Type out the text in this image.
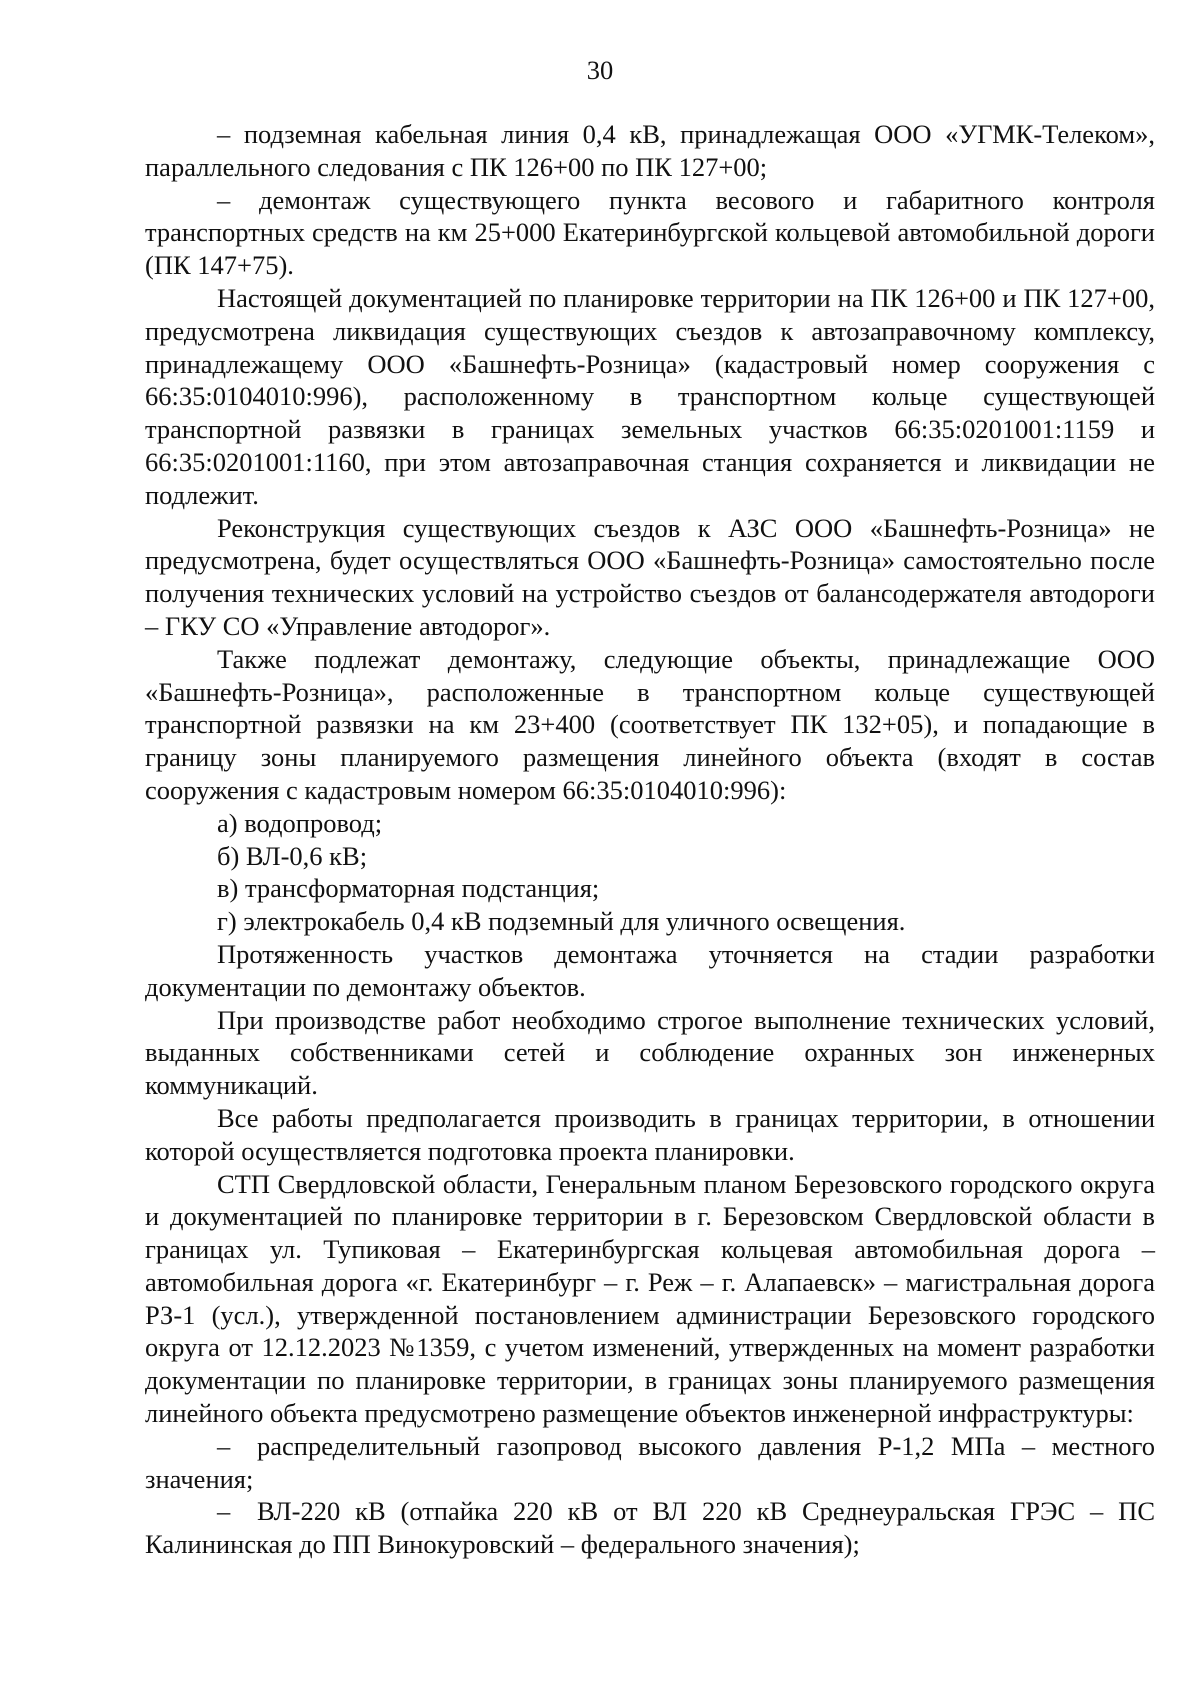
30

– подземная кабельная линия 0,4 кВ, принадлежащая ООО «УГМК-Телеком», параллельного следования с ПК 126+00 по ПК 127+00;

– демонтаж существующего пункта весового и габаритного контроля транспортных средств на км 25+000 Екатеринбургской кольцевой автомобильной дороги (ПК 147+75).

Настоящей документацией по планировке территории на ПК 126+00 и ПК 127+00, предусмотрена ликвидация существующих съездов к автозаправочному комплексу, принадлежащему ООО «Башнефть-Розница» (кадастровый номер сооружения с 66:35:0104010:996), расположенному в транспортном кольце существующей транспортной развязки в границах земельных участков 66:35:0201001:1159 и 66:35:0201001:1160, при этом автозаправочная станция сохраняется и ликвидации не подлежит.

Реконструкция существующих съездов к АЗС ООО «Башнефть-Розница» не предусмотрена, будет осуществляться ООО «Башнефть-Розница» самостоятельно после получения технических условий на устройство съездов от балансодержателя автодороги – ГКУ СО «Управление автодорог».

Также подлежат демонтажу, следующие объекты, принадлежащие ООО «Башнефть-Розница», расположенные в транспортном кольце существующей транспортной развязки на км 23+400 (соответствует ПК 132+05), и попадающие в границу зоны планируемого размещения линейного объекта (входят в состав сооружения с кадастровым номером 66:35:0104010:996):

а) водопровод;

б) ВЛ-0,6 кВ;

в) трансформаторная подстанция;

г) электрокабель 0,4 кВ подземный для уличного освещения.

Протяженность участков демонтажа уточняется на стадии разработки документации по демонтажу объектов.

При производстве работ необходимо строгое выполнение технических условий, выданных собственниками сетей и соблюдение охранных зон инженерных коммуникаций.

Все работы предполагается производить в границах территории, в отношении которой осуществляется подготовка проекта планировки.

СТП Свердловской области, Генеральным планом Березовского городского округа и документацией по планировке территории в г. Березовском Свердловской области в границах ул. Тупиковая – Екатеринбургская кольцевая автомобильная дорога – автомобильная дорога «г. Екатеринбург – г. Реж – г. Алапаевск» – магистральная дорога РЗ-1 (усл.), утвержденной постановлением администрации Березовского городского округа от 12.12.2023 №1359, с учетом изменений, утвержденных на момент разработки документации по планировке территории, в границах зоны планируемого размещения линейного объекта предусмотрено размещение объектов инженерной инфраструктуры:

– распределительный газопровод высокого давления Р-1,2 МПа – местного значения;

– ВЛ-220 кВ (отпайка 220 кВ от ВЛ 220 кВ Среднеуральская ГРЭС – ПС Калининская до ПП Винокуровский – федерального значения);
